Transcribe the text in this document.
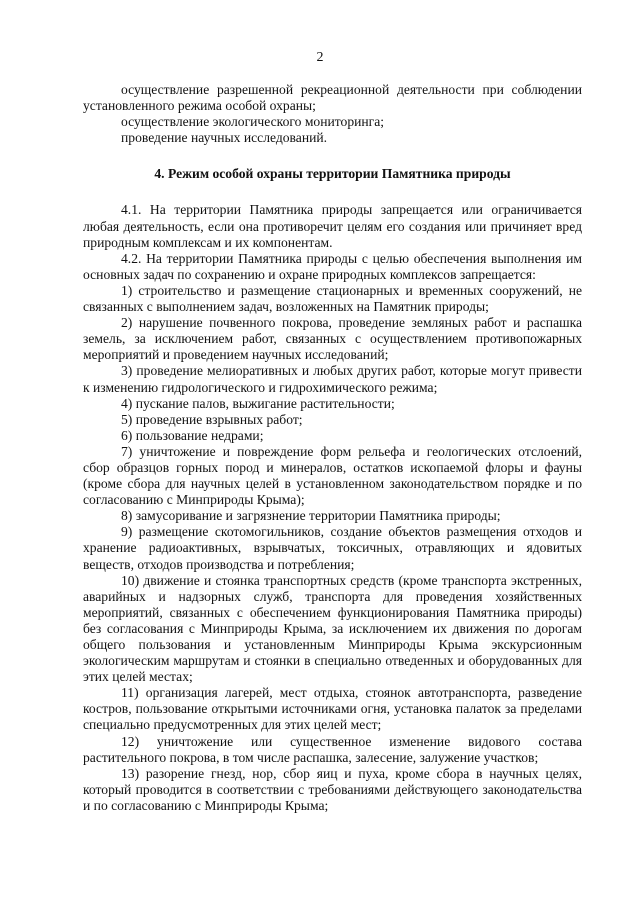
2

осуществление разрешенной рекреационной деятельности при соблюдении установленного режима особой охраны;

осуществление экологического мониторинга;

проведение научных исследований.

4. Режим особой охраны территории Памятника природы

4.1. На территории Памятника природы запрещается или ограничивается любая деятельность, если она противоречит целям его создания или причиняет вред природным комплексам и их компонентам.

4.2. На территории Памятника природы с целью обеспечения выполнения им основных задач по сохранению и охране природных комплексов запрещается:

1) строительство и размещение стационарных и временных сооружений, не связанных с выполнением задач, возложенных на Памятник природы;

2) нарушение почвенного покрова, проведение земляных работ и распашка земель, за исключением работ, связанных с осуществлением противопожарных мероприятий и проведением научных исследований;

3) проведение мелиоративных и любых других работ, которые могут привести к изменению гидрологического и гидрохимического режима;

4) пускание палов, выжигание растительности;

5) проведение взрывных работ;

6) пользование недрами;

7) уничтожение и повреждение форм рельефа и геологических отслоений, сбор образцов горных пород и минералов, остатков ископаемой флоры и фауны (кроме сбора для научных целей в установленном законодательством порядке и по согласованию с Минприроды Крыма);

8) замусоривание и загрязнение территории Памятника природы;

9) размещение скотомогильников, создание объектов размещения отходов и хранение радиоактивных, взрывчатых, токсичных, отравляющих и ядовитых веществ, отходов производства и потребления;

10) движение и стоянка транспортных средств (кроме транспорта экстренных, аварийных и надзорных служб, транспорта для проведения хозяйственных мероприятий, связанных с обеспечением функционирования Памятника природы) без согласования с Минприроды Крыма, за исключением их движения по дорогам общего пользования и установленным Минприроды Крыма экскурсионным экологическим маршрутам и стоянки в специально отведенных и оборудованных для этих целей местах;

11) организация лагерей, мест отдыха, стоянок автотранспорта, разведение костров, пользование открытыми источниками огня, установка палаток за пределами специально предусмотренных для этих целей мест;

12) уничтожение или существенное изменение видового состава растительного покрова, в том числе распашка, залесение, залужение участков;

13) разорение гнезд, нор, сбор яиц и пуха, кроме сбора в научных целях, который проводится в соответствии с требованиями действующего законодательства и по согласованию с Минприроды Крыма;
